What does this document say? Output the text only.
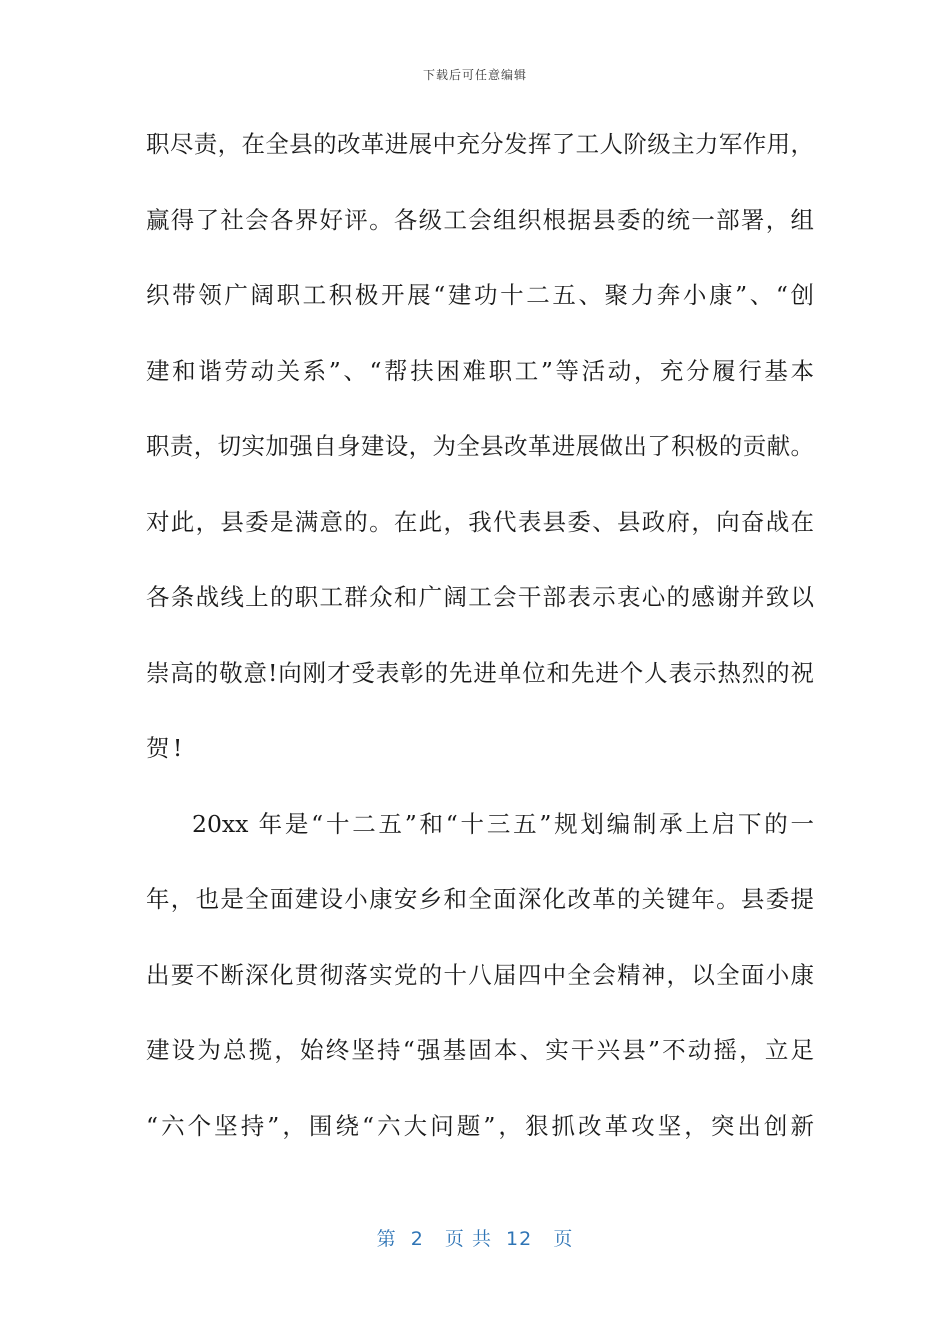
下载后可任意编辑
职尽责，在全县的改革进展中充分发挥了工人阶级主力军作用，
赢得了社会各界好评。各级工会组织根据县委的统一部署，组
织带领广阔职工积极开展“建功十二五、聚力奔小康”、“创
建和谐劳动关系”、“帮扶困难职工”等活动，充分履行基本
职责，切实加强自身建设，为全县改革进展做出了积极的贡献。
对此，县委是满意的。在此，我代表县委、县政府，向奋战在
各条战线上的职工群众和广阔工会干部表示衷心的感谢并致以
崇高的敬意!向刚才受表彰的先进单位和先进个人表示热烈的祝
贺!
20xx 年是“十二五”和“十三五”规划编制承上启下的一
年，也是全面建设小康安乡和全面深化改革的关键年。县委提
出要不断深化贯彻落实党的十八届四中全会精神，以全面小康
建设为总揽，始终坚持“强基固本、实干兴县”不动摇，立足
“六个坚持”，围绕“六大问题”，狠抓改革攻坚，突出创新
第  2   页 共  12   页
